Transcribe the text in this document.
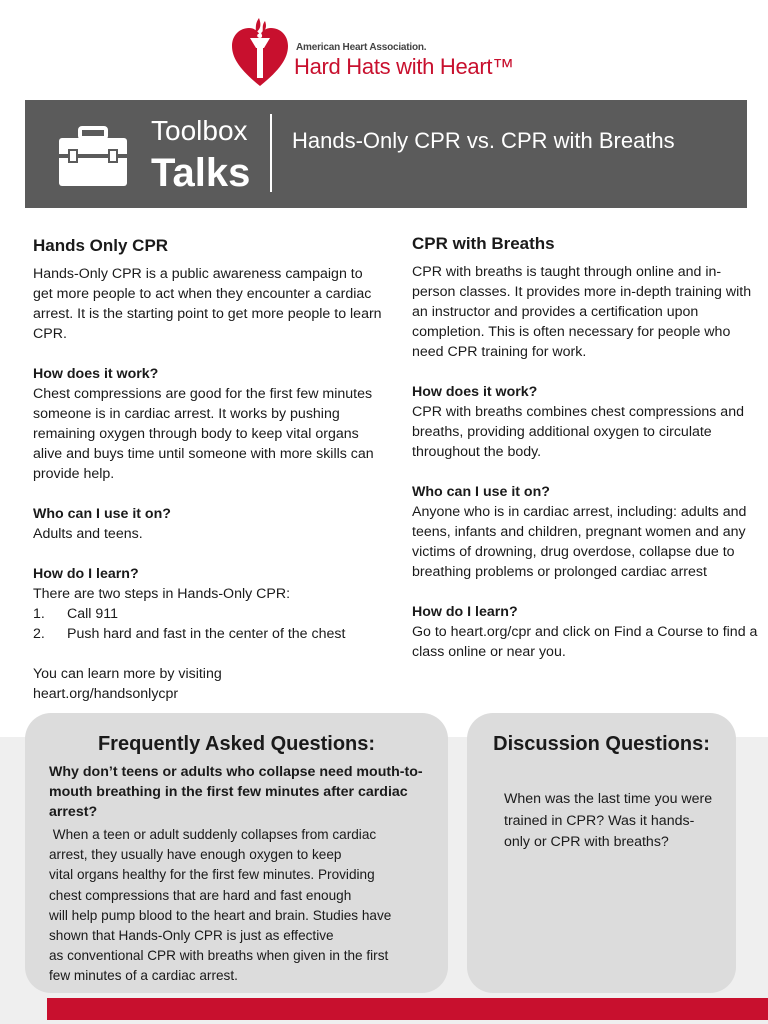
American Heart Association.
Hard Hats with Heart™
Toolbox
Talks
Hands-Only CPR vs. CPR with Breaths
Hands Only CPR

Hands-Only CPR is a public awareness campaign to get more people to act when they encounter a cardiac arrest. It is the starting point to get more people to learn CPR.

How does it work?

Chest compressions are good for the first few minutes someone is in cardiac arrest. It works by pushing remaining oxygen through body to keep vital organs alive and buys time until someone with more skills can provide help.

Who can I use it on?

Adults and teens.

How do I learn?

There are two steps in Hands-Only CPR:

1.	Call 911
2.	Push hard and fast in the center of the chest

You can learn more by visiting

heart.org/handsonlycpr

CPR with Breaths

CPR with breaths is taught through online and in-person classes. It provides more in-depth training with an instructor and provides a certification upon completion. This is often necessary for people who need CPR training for work.

How does it work?

CPR with breaths combines chest compressions and breaths, providing additional oxygen to circulate throughout the body.

Who can I use it on?

Anyone who is in cardiac arrest, including: adults and teens, infants and children, pregnant women and any victims of drowning, drug overdose, collapse due to breathing problems or prolonged cardiac arrest

How do I learn?

Go to heart.org/cpr and click on Find a Course to find a class online or near you.

Frequently Asked Questions:
Why don’t teens or adults who collapse need mouth-to-mouth breathing in the first few minutes after cardiac arrest?
When a teen or adult suddenly collapses from cardiac
arrest, they usually have enough oxygen to keep
vital organs healthy for the first few minutes. Providing
chest compressions that are hard and fast enough
will help pump blood to the heart and brain. Studies have
shown that Hands-Only CPR is just as effective
as conventional CPR with breaths when given in the first
few minutes of a cardiac arrest.
Discussion Questions:
When was the last time you were trained in CPR? Was it hands-only or CPR with breaths?
